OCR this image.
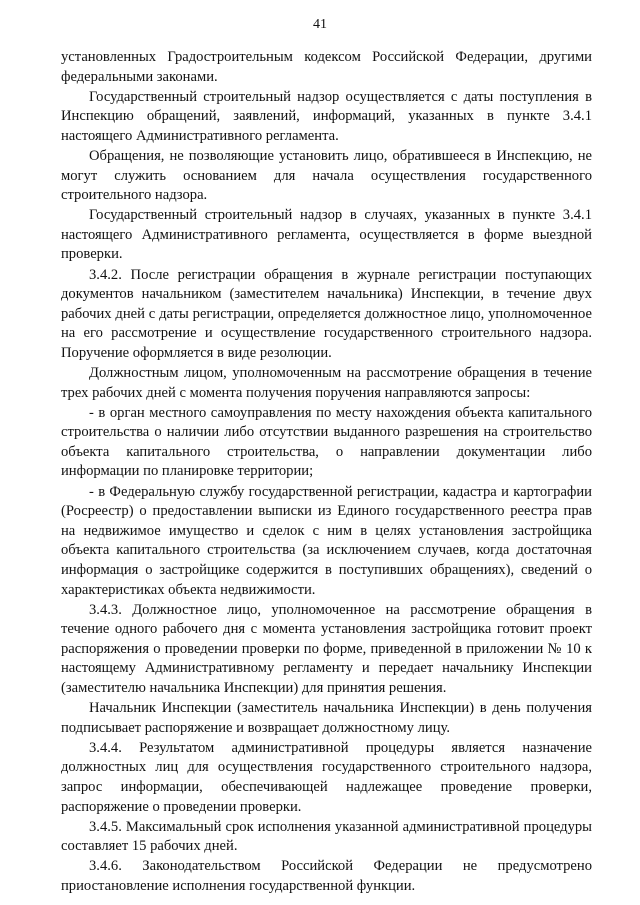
41

установленных Градостроительным кодексом Российской Федерации, другими федеральными законами.

Государственный строительный надзор осуществляется с даты поступления в Инспекцию обращений, заявлений, информаций, указанных в пункте 3.4.1 настоящего Административного регламента.

Обращения, не позволяющие установить лицо, обратившееся в Инспекцию, не могут служить основанием для начала осуществления государственного строительного надзора.

Государственный строительный надзор в случаях, указанных в пункте 3.4.1 настоящего Административного регламента, осуществляется в форме выездной проверки.

3.4.2. После регистрации обращения в журнале регистрации поступающих документов начальником (заместителем начальника) Инспекции, в течение двух рабочих дней с даты регистрации, определяется должностное лицо, уполномоченное на его рассмотрение и осуществление государственного строительного надзора. Поручение оформляется в виде резолюции.

Должностным лицом, уполномоченным на рассмотрение обращения в течение трех рабочих дней с момента получения поручения направляются запросы:

- в орган местного самоуправления по месту нахождения объекта капитального строительства о наличии либо отсутствии выданного разрешения на строительство объекта капитального строительства, о направлении документации либо информации по планировке территории;

- в Федеральную службу государственной регистрации, кадастра и картографии (Росреестр) о предоставлении выписки из Единого государственного реестра прав на недвижимое имущество и сделок с ним в целях установления застройщика объекта капитального строительства (за исключением случаев, когда достаточная информация о застройщике содержится в поступивших обращениях), сведений о характеристиках объекта недвижимости.

3.4.3. Должностное лицо, уполномоченное на рассмотрение обращения в течение одного рабочего дня с момента установления застройщика готовит проект распоряжения о проведении проверки по форме, приведенной в приложении № 10 к настоящему Административному регламенту и передает начальнику Инспекции (заместителю начальника Инспекции) для принятия решения.

Начальник Инспекции (заместитель начальника Инспекции) в день получения подписывает распоряжение и возвращает должностному лицу.

3.4.4. Результатом административной процедуры является назначение должностных лиц для осуществления государственного строительного надзора, запрос информации, обеспечивающей надлежащее проведение проверки, распоряжение о проведении проверки.

3.4.5. Максимальный срок исполнения указанной административной процедуры составляет 15 рабочих дней.

3.4.6. Законодательством Российской Федерации не предусмотрено приостановление исполнения государственной функции.
